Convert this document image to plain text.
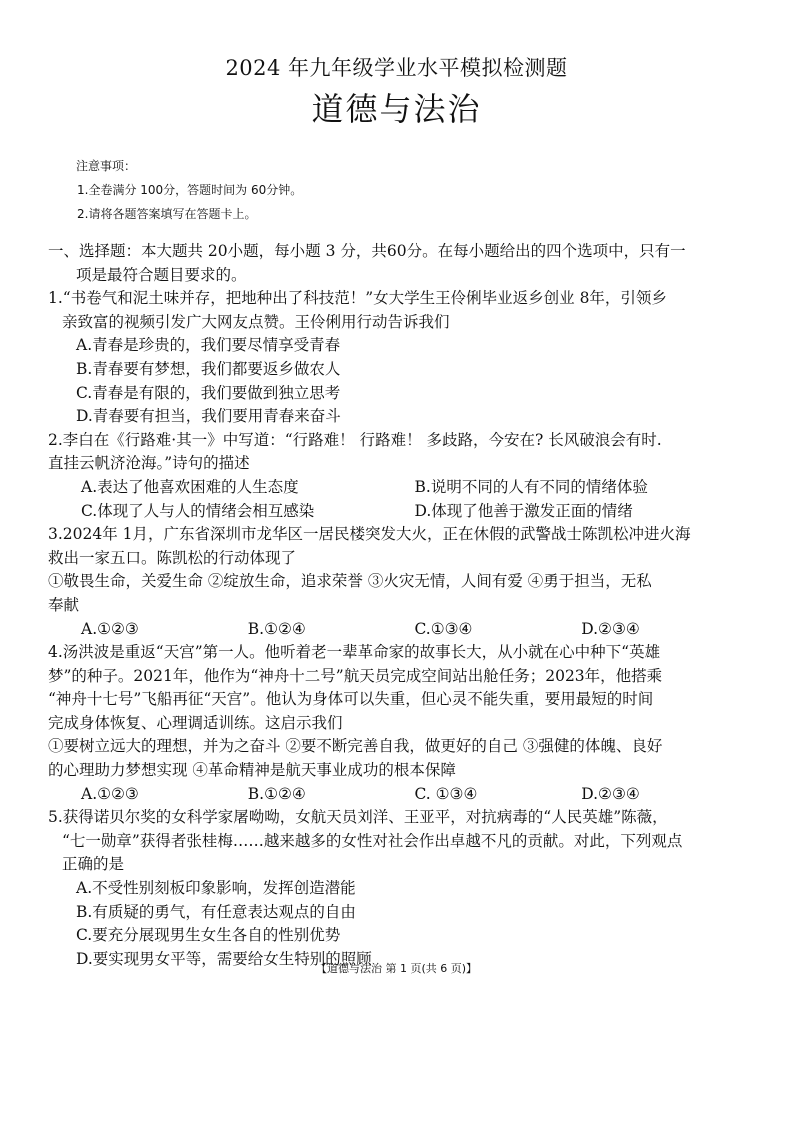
2024 年九年级学业水平模拟检测题
道德与法治
注意事项：
1.全卷满分 100分，答题时间为 60分钟。
2.请将各题答案填写在答题卡上。
一、选择题：本大题共 20小题，每小题 3 分，共60分。在每小题给出的四个选项中，只有一
项是最符合题目要求的。
1.“书卷气和泥土味并存，把地种出了科技范！”女大学生王伶俐毕业返乡创业 8年，引领乡
亲致富的视频引发广大网友点赞。王伶俐用行动告诉我们
A.青春是珍贵的，我们要尽情享受青春
B.青春要有梦想，我们都要返乡做农人
C.青春是有限的，我们要做到独立思考
D.青春要有担当，我们要用青春来奋斗
2.李白在《行路难·其一》中写道：“行路难！ 行路难！ 多歧路，今安在? 长风破浪会有时.
直挂云帆济沧海。”诗句的描述
A.表达了他喜欢困难的人生态度	B.说明不同的人有不同的情绪体验
C.体现了人与人的情绪会相互感染	D.体现了他善于激发正面的情绪
3.2024年 1月，广东省深圳市龙华区一居民楼突发大火，正在休假的武警战士陈凯松冲进火海
救出一家五口。陈凯松的行动体现了
①敬畏生命，关爱生命 ②绽放生命，追求荣誉 ③火灾无情，人间有爱 ④勇于担当，无私
奉献
A.①②③	B.①②④	C.①③④	D.②③④
4.汤洪波是重返“天宫”第一人。他听着老一辈革命家的故事长大，从小就在心中种下“英雄
梦”的种子。2021年，他作为“神舟十二号”航天员完成空间站出舱任务；2023年，他搭乘
“神舟十七号”飞船再征“天宫”。他认为身体可以失重，但心灵不能失重，要用最短的时间
完成身体恢复、心理调适训练。这启示我们
①要树立远大的理想，并为之奋斗 ②要不断完善自我，做更好的自己 ③强健的体魄、良好
的心理助力梦想实现 ④革命精神是航天事业成功的根本保障
A.①②③	B.①②④	C. ①③④	D.②③④
5.获得诺贝尔奖的女科学家屠呦呦，女航天员刘洋、王亚平，对抗病毒的“人民英雄”陈薇，
“七一勋章”获得者张桂梅……越来越多的女性对社会作出卓越不凡的贡献。对此，下列观点
正确的是
A.不受性别刻板印象影响，发挥创造潜能
B.有质疑的勇气，有任意表达观点的自由
C.要充分展现男生女生各自的性别优势
D.要实现男女平等，需要给女生特别的照顾
【道德与法治 第 1 页(共 6 页)】
